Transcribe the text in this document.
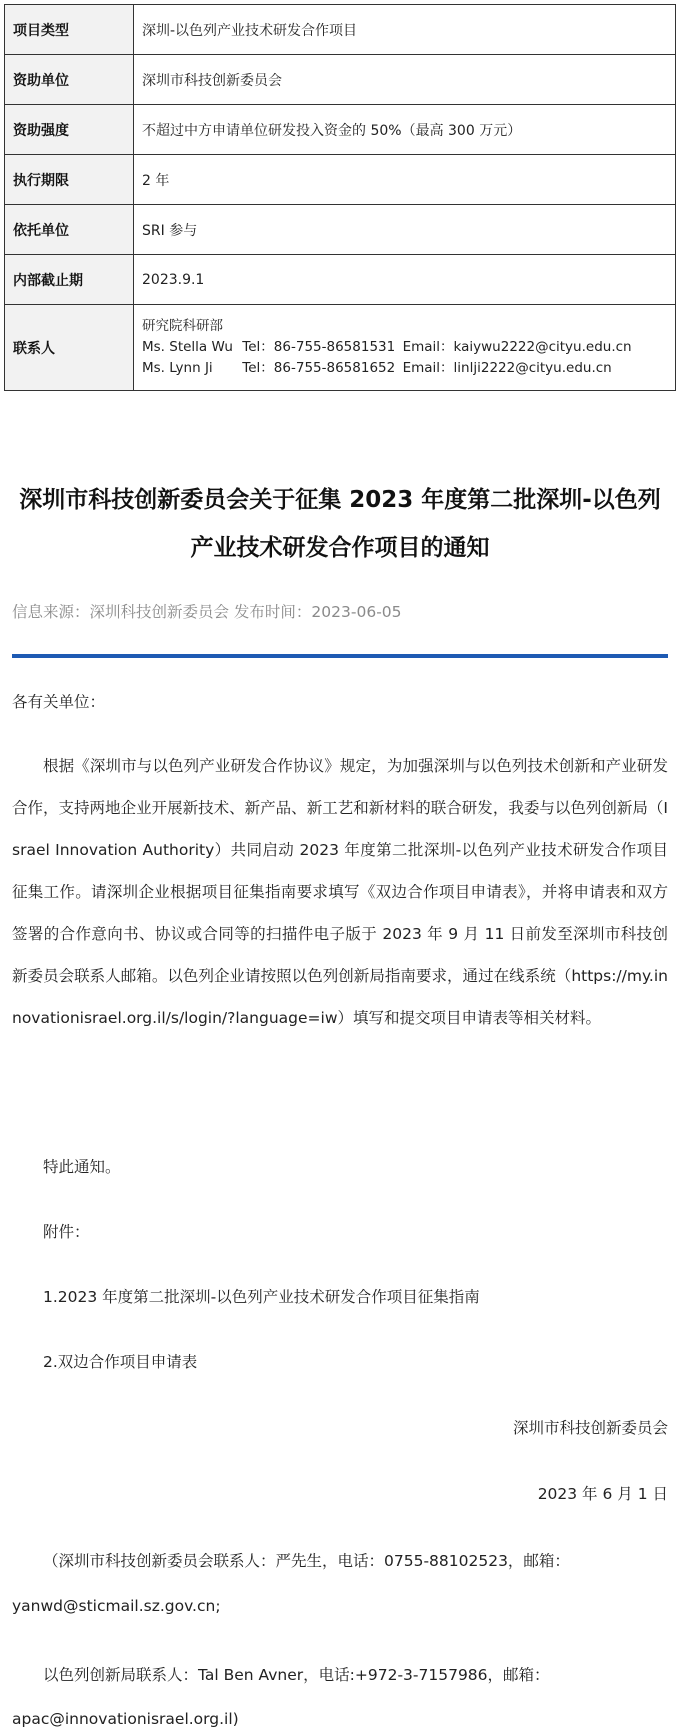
项目类型	深圳-以色列产业技术研发合作项目
资助单位	深圳市科技创新委员会
资助强度	不超过中方申请单位研发投入资金的 50%（最高 300 万元）
执行期限	2 年
依托单位	SRI 参与
内部截止期	2023.9.1
联系人	研究院科研部
Ms. Stella Wu Tel：86-755-86581531 Email：kaiywu2222@cityu.edu.cn
Ms. Lynn Ji Tel：86-755-86581652 Email：linlji2222@cityu.edu.cn
深圳市科技创新委员会关于征集 2023 年度第二批深圳-以色列产业技术研发合作项目的通知
信息来源：深圳科技创新委员会 发布时间：2023-06-05
各有关单位：
根据《深圳市与以色列产业研发合作协议》规定，为加强深圳与以色列技术创新和产业研发合作，支持两地企业开展新技术、新产品、新工艺和新材料的联合研发，我委与以色列创新局（Israel Innovation Authority）共同启动 2023 年度第二批深圳-以色列产业技术研发合作项目征集工作。请深圳企业根据项目征集指南要求填写《双边合作项目申请表》，并将申请表和双方签署的合作意向书、协议或合同等的扫描件电子版于 2023 年 9 月 11 日前发至深圳市科技创新委员会联系人邮箱。以色列企业请按照以色列创新局指南要求，通过在线系统（https://my.innovationisrael.org.il/s/login/?language=iw）填写和提交项目申请表等相关材料。
特此通知。
附件：
1.2023 年度第二批深圳-以色列产业技术研发合作项目征集指南
2.双边合作项目申请表
深圳市科技创新委员会
2023 年 6 月 1 日
（深圳市科技创新委员会联系人：严先生，电话：0755-88102523，邮箱：
yanwd@sticmail.sz.gov.cn;
以色列创新局联系人：Tal Ben Avner，电话:+972-3-7157986，邮箱：
apac@innovationisrael.org.il)
